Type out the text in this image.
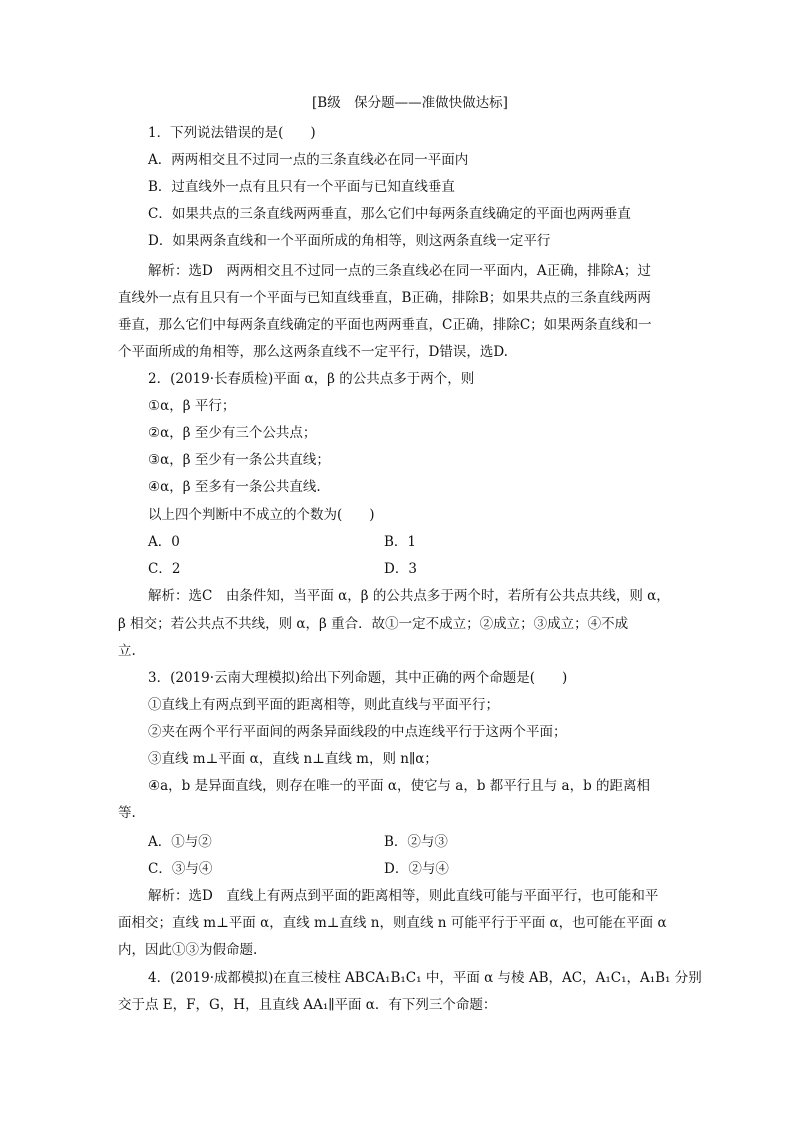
[B级　保分题——准做快做达标]
1．下列说法错误的是(　　)
A．两两相交且不过同一点的三条直线必在同一平面内
B．过直线外一点有且只有一个平面与已知直线垂直
C．如果共点的三条直线两两垂直，那么它们中每两条直线确定的平面也两两垂直
D．如果两条直线和一个平面所成的角相等，则这两条直线一定平行
解析：选D　两两相交且不过同一点的三条直线必在同一平面内，A正确，排除A；过
直线外一点有且只有一个平面与已知直线垂直，B正确，排除B；如果共点的三条直线两两
垂直，那么它们中每两条直线确定的平面也两两垂直，C正确，排除C；如果两条直线和一
个平面所成的角相等，那么这两条直线不一定平行，D错误，选D.
2．(2019·长春质检)平面 α，β 的公共点多于两个，则
①α，β 平行；
②α，β 至少有三个公共点；
③α，β 至少有一条公共直线；
④α，β 至多有一条公共直线.
以上四个判断中不成立的个数为(　　)
A．0	B．1
C．2	D．3
解析：选C　由条件知，当平面 α，β 的公共点多于两个时，若所有公共点共线，则 α，
β 相交；若公共点不共线，则 α，β 重合．故①一定不成立；②成立；③成立；④不成
立.
3．(2019·云南大理模拟)给出下列命题，其中正确的两个命题是(　　)
①直线上有两点到平面的距离相等，则此直线与平面平行；
②夹在两个平行平面间的两条异面线段的中点连线平行于这两个平面；
③直线 m⊥平面 α，直线 n⊥直线 m，则 n∥α；
④a，b 是异面直线，则存在唯一的平面 α，使它与 a，b 都平行且与 a，b 的距离相
等.
A．①与②	B．②与③
C．③与④	D．②与④
解析：选D　直线上有两点到平面的距离相等，则此直线可能与平面平行，也可能和平
面相交；直线 m⊥平面 α，直线 m⊥直线 n，则直线 n 可能平行于平面 α，也可能在平面 α
内，因此①③为假命题.
4．(2019·成都模拟)在直三棱柱 ABCA₁B₁C₁ 中，平面 α 与棱 AB，AC，A₁C₁，A₁B₁ 分别
交于点 E，F，G，H，且直线 AA₁∥平面 α．有下列三个命题：
